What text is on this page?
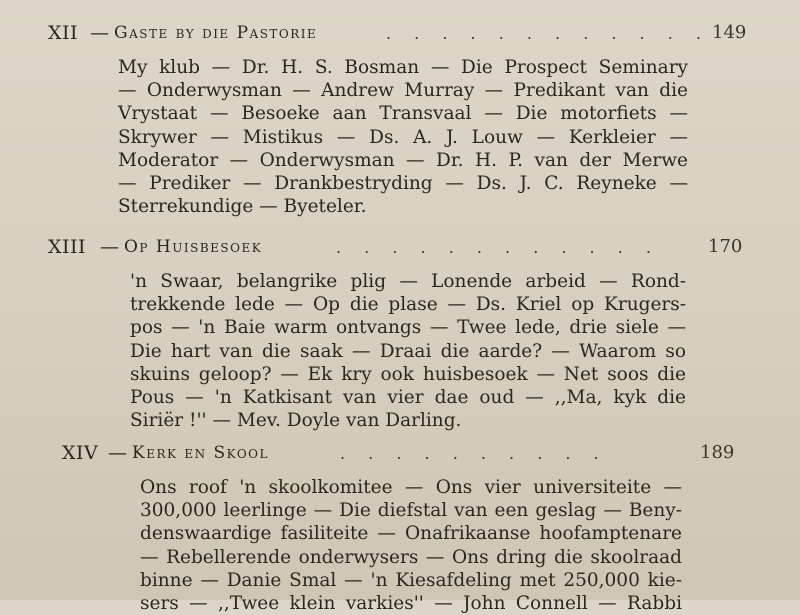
XII — Gaste by die Pastorie	. . . . . . . . . . . . 149
My klub — Dr. H. S. Bosman — Die Prospect Seminary
— Onderwysman — Andrew Murray — Predikant van die
Vrystaat — Besoeke aan Transvaal — Die motorfiets —
Skrywer — Mistikus — Ds. A. J. Louw — Kerkleier —
Moderator — Onderwysman — Dr. H. P. van der Merwe
— Prediker — Drankbestryding — Ds. J. C. Reyneke —
Sterrekundige — Byeteler.
XIII — Op Huisbesoek	. . . . . . . . . . . .	170
'n Swaar, belangrike plig — Lonende arbeid — Rond-
trekkende lede — Op die plase — Ds. Kriel op Krugers-
pos — 'n Baie warm ontvangs — Twee lede, drie siele —
Die hart van die saak — Draai die aarde? — Waarom so
skuins geloop? — Ek kry ook huisbesoek — Net soos die
Pous — 'n Katkisant van vier dae oud — ,,Ma, kyk die
Siriër !'' — Mev. Doyle van Darling.
XIV — Kerk en Skool	. . . . . . . . . .	189
Ons roof 'n skoolkomitee — Ons vier universiteite —
300,000 leerlinge — Die diefstal van een geslag — Beny-
denswaardige fasiliteite — Onafrikaanse hoofamptenare
— Rebellerende onderwysers — Ons dring die skoolraad
binne — Danie Smal — 'n Kiesafdeling met 250,000 kie-
sers — ,,Twee klein varkies'' — John Connell — Rabbi
